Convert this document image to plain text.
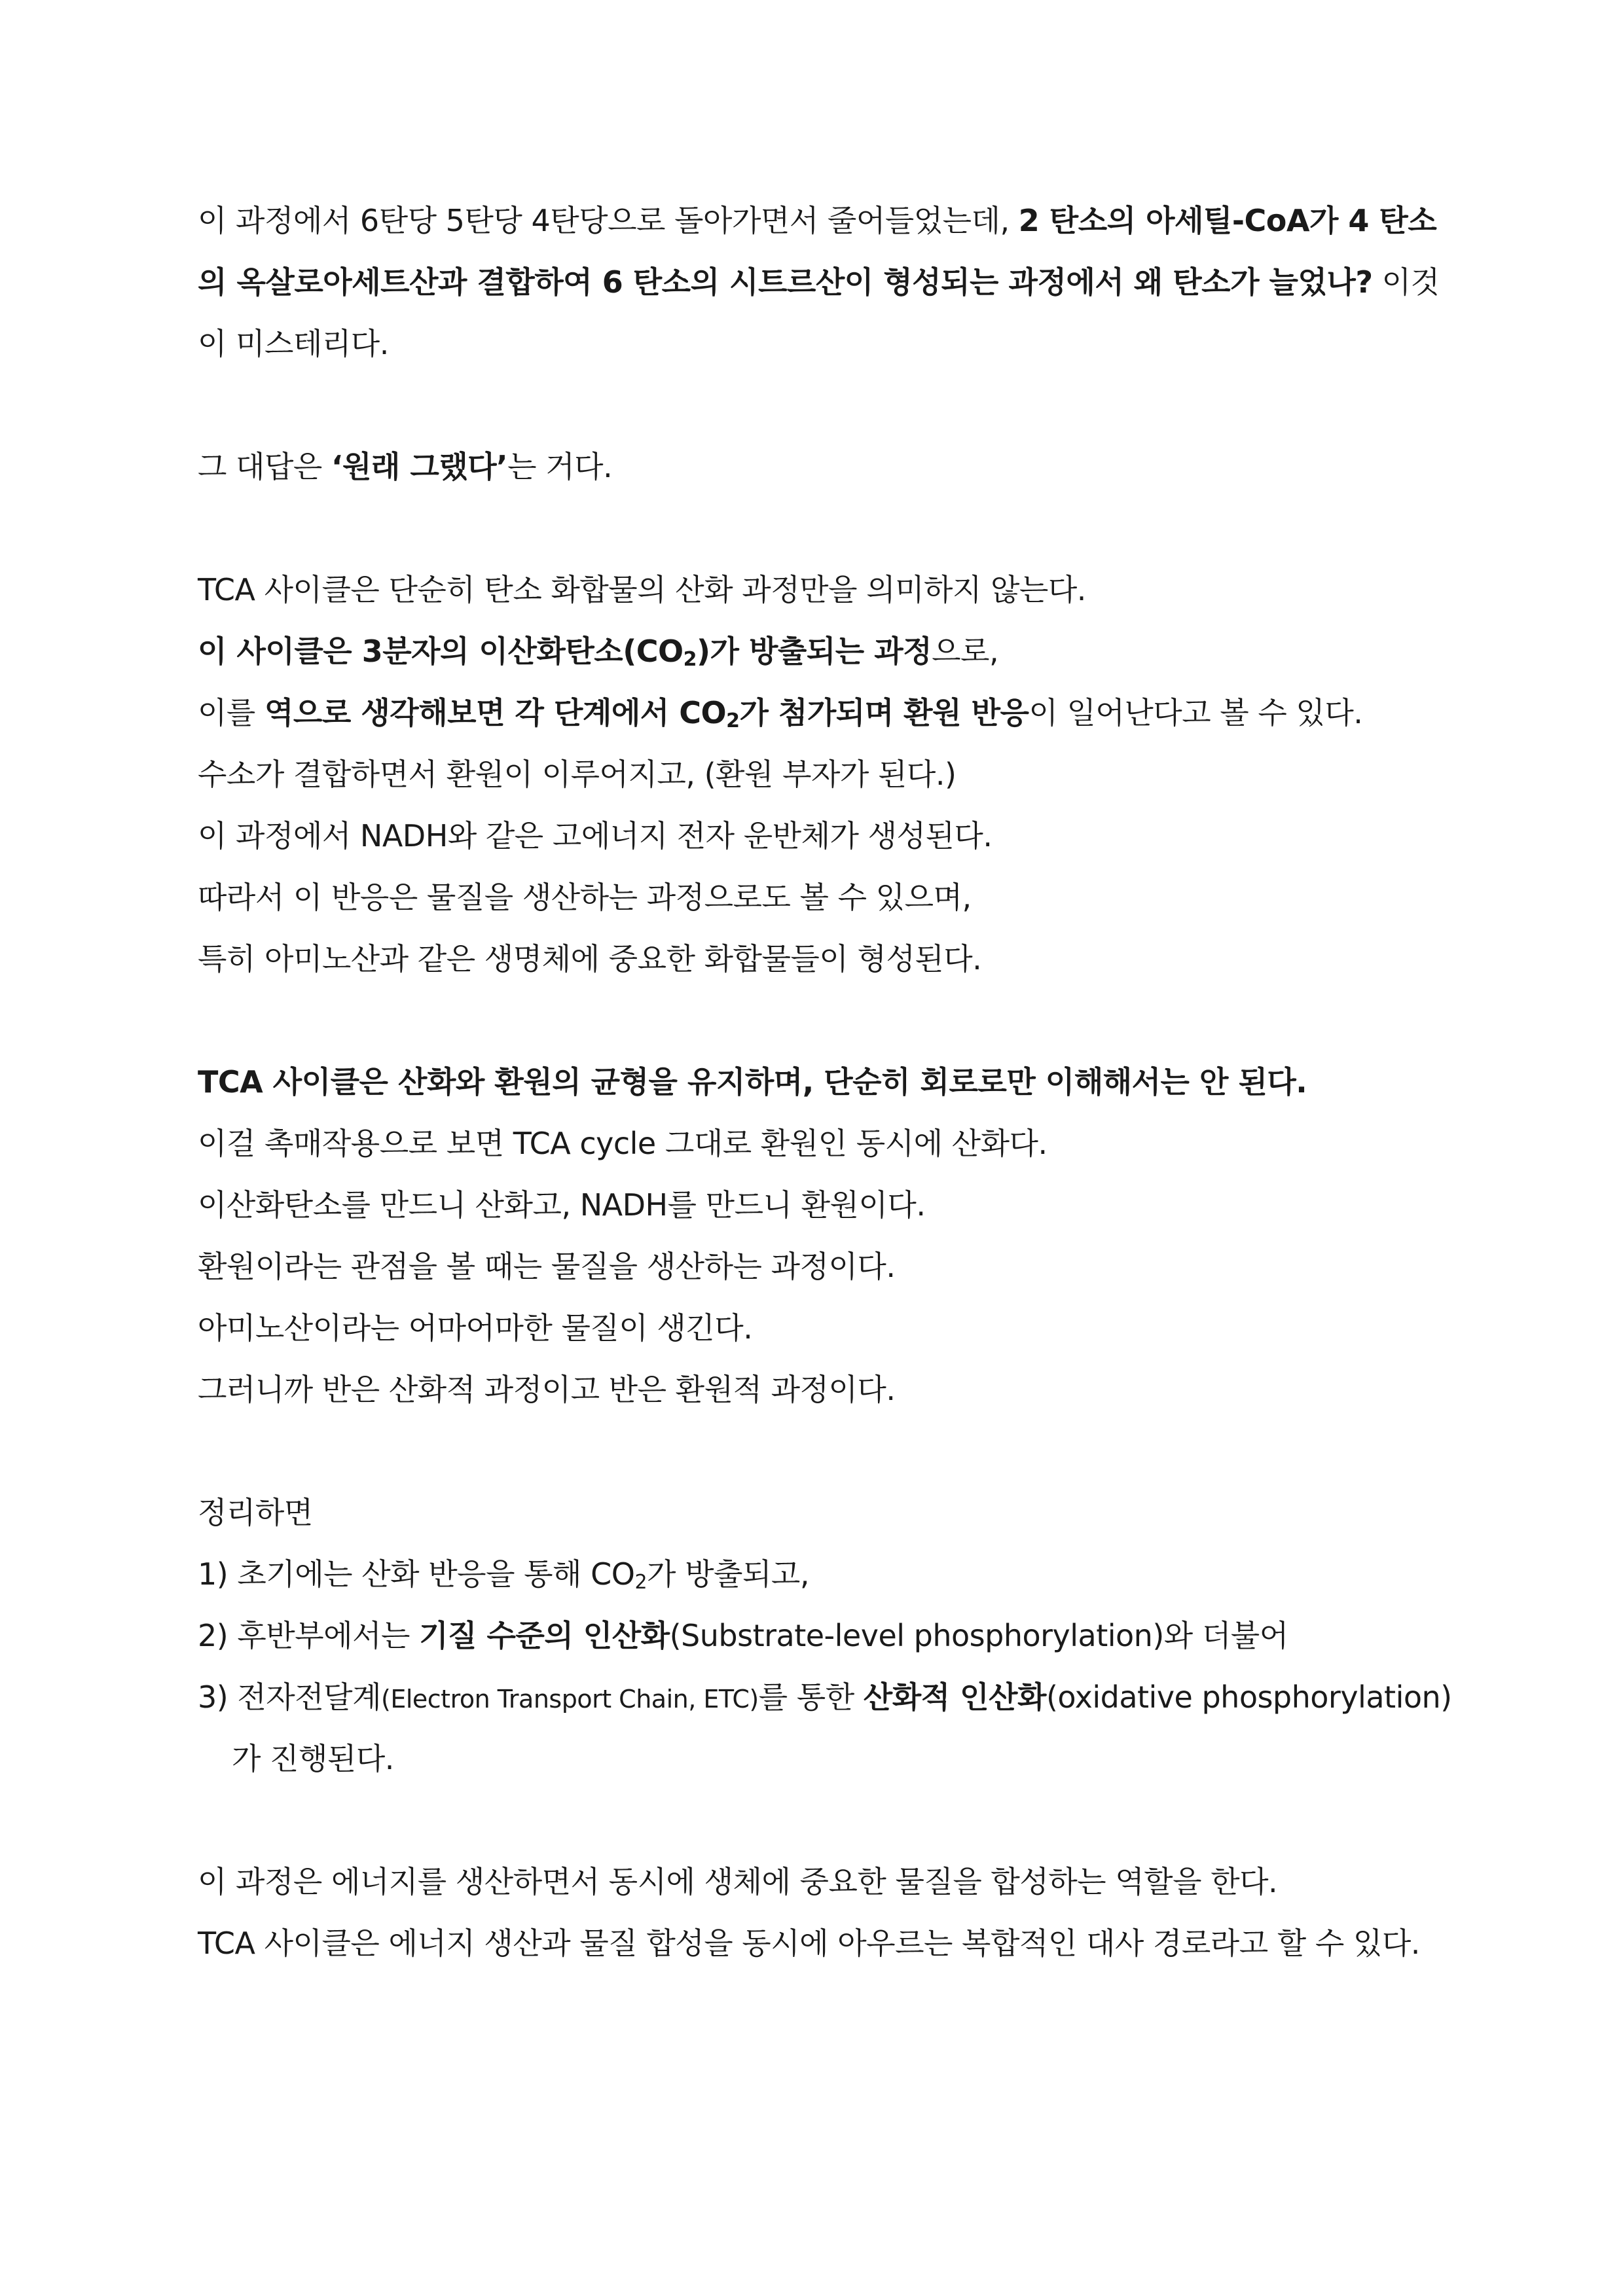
이 과정에서 6탄당 5탄당 4탄당으로 돌아가면서 줄어들었는데, 2 탄소의 아세틸-CoA가 4 탄소
의 옥살로아세트산과 결합하여 6 탄소의 시트르산이 형성되는 과정에서 왜 탄소가 늘었나? 이것
이 미스테리다.
그 대답은 ‘원래 그랬다’는 거다.
TCA 사이클은 단순히 탄소 화합물의 산화 과정만을 의미하지 않는다.
이 사이클은 3분자의 이산화탄소$(CO_2)$가 방출되는 과정으로,
이를 역으로 생각해보면 각 단계에서 $CO_2$가 첨가되며 환원 반응이 일어난다고 볼 수 있다.
수소가 결합하면서 환원이 이루어지고, (환원 부자가 된다.)
이 과정에서 NADH와 같은 고에너지 전자 운반체가 생성된다.
따라서 이 반응은 물질을 생산하는 과정으로도 볼 수 있으며,
특히 아미노산과 같은 생명체에 중요한 화합물들이 형성된다.
TCA 사이클은 산화와 환원의 균형을 유지하며, 단순히 회로로만 이해해서는 안 된다.
이걸 촉매작용으로 보면 TCA cycle 그대로 환원인 동시에 산화다.
이산화탄소를 만드니 산화고, NADH를 만드니 환원이다.
환원이라는 관점을 볼 때는 물질을 생산하는 과정이다.
아미노산이라는 어마어마한 물질이 생긴다.
그러니까 반은 산화적 과정이고 반은 환원적 과정이다.
정리하면
1) 초기에는 산화 반응을 통해 $CO_2$가 방출되고,
2) 후반부에서는 기질 수준의 인산화(Substrate-level phosphorylation)와 더불어
3) 전자전달계(Electron Transport Chain, ETC)를 통한 산화적 인산화(oxidative phosphorylation)
가 진행된다.
이 과정은 에너지를 생산하면서 동시에 생체에 중요한 물질을 합성하는 역할을 한다.
TCA 사이클은 에너지 생산과 물질 합성을 동시에 아우르는 복합적인 대사 경로라고 할 수 있다.
